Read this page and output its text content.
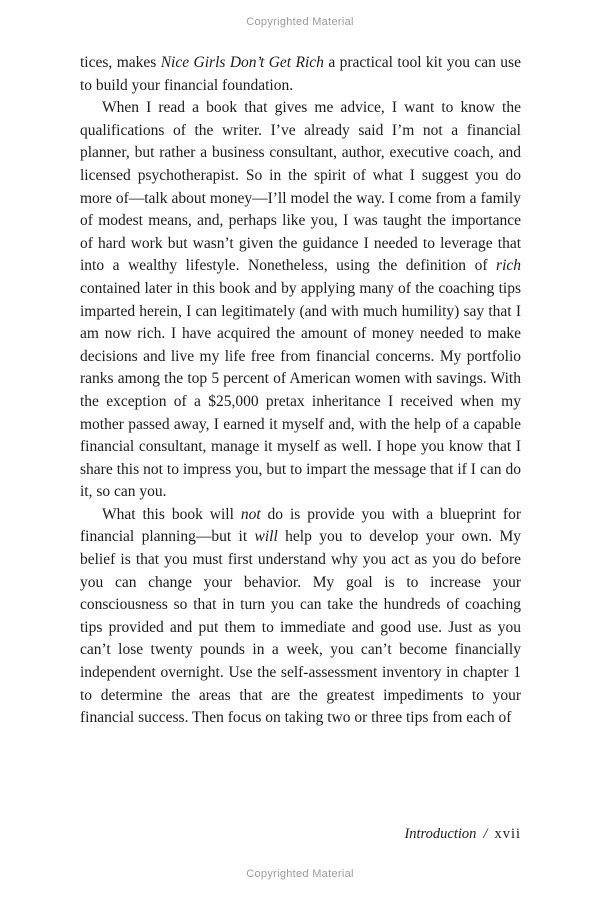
Copyrighted Material

tices, makes Nice Girls Don’t Get Rich a practical tool kit you can use to build your financial foundation.

When I read a book that gives me advice, I want to know the qualifications of the writer. I’ve already said I’m not a financial planner, but rather a business consultant, author, executive coach, and licensed psychotherapist. So in the spirit of what I suggest you do more of—talk about money—I’ll model the way. I come from a family of modest means, and, perhaps like you, I was taught the importance of hard work but wasn’t given the guidance I needed to leverage that into a wealthy lifestyle. Nonetheless, using the definition of rich contained later in this book and by applying many of the coaching tips imparted herein, I can legitimately (and with much humility) say that I am now rich. I have acquired the amount of money needed to make decisions and live my life free from financial concerns. My portfolio ranks among the top 5 percent of American women with savings. With the exception of a $25,000 pretax inheritance I received when my mother passed away, I earned it myself and, with the help of a capable financial consultant, manage it myself as well. I hope you know that I share this not to impress you, but to impart the message that if I can do it, so can you.

What this book will not do is provide you with a blueprint for financial planning—but it will help you to develop your own. My belief is that you must first understand why you act as you do before you can change your behavior. My goal is to increase your consciousness so that in turn you can take the hundreds of coaching tips provided and put them to immediate and good use. Just as you can’t lose twenty pounds in a week, you can’t become financially independent overnight. Use the self-assessment inventory in chapter 1 to determine the areas that are the greatest impediments to your financial success. Then focus on taking two or three tips from each of

Introduction / xvii
Copyrighted Material
